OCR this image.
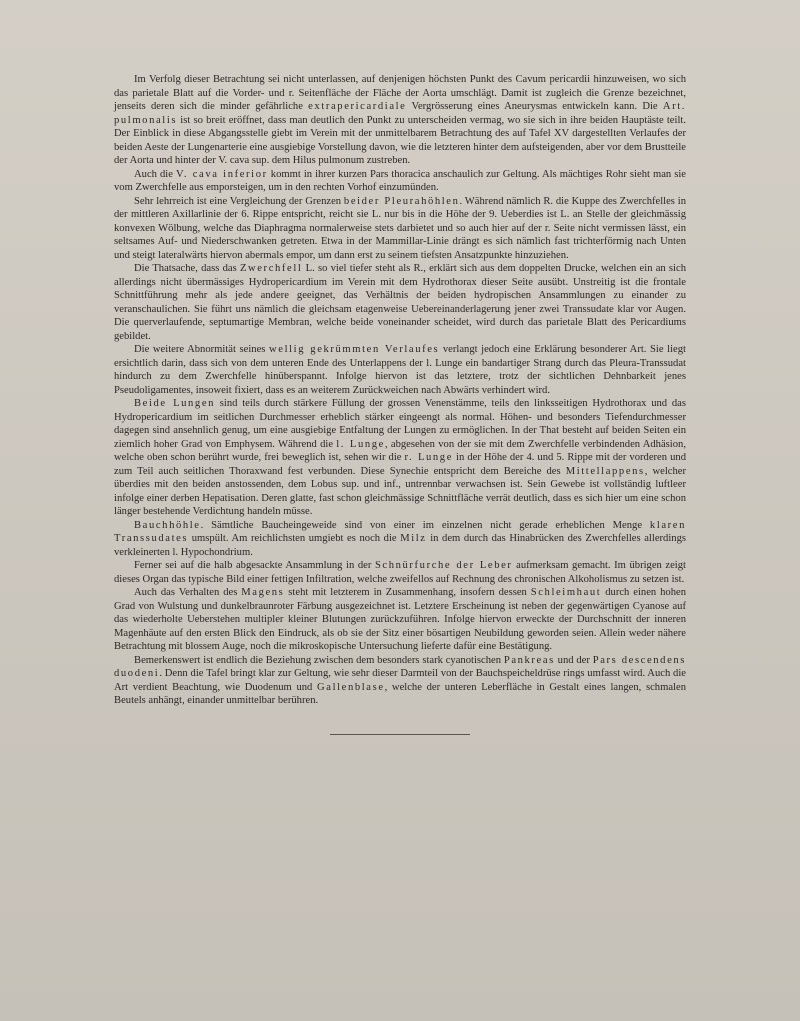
Im Verfolg dieser Betrachtung sei nicht unterlassen, auf denjenigen höchsten Punkt des Cavum pericardii hinzuweisen, wo sich das parietale Blatt auf die Vorder- und r. Seitenfläche der Fläche der Aorta umschlägt. Damit ist zugleich die Grenze bezeichnet, jenseits deren sich die minder gefährliche extrapericardiale Vergrösserung eines Aneurysmas entwickeln kann. Die Art. pulmonalis ist so breit eröffnet, dass man deutlich den Punkt zu unterscheiden vermag, wo sie sich in ihre beiden Hauptäste teilt. Der Einblick in diese Abgangsstelle giebt im Verein mit der unmittelbarem Betrachtung des auf Tafel XV dargestellten Verlaufes der beiden Aeste der Lungenarterie eine ausgiebige Vorstellung davon, wie die letzteren hinter dem aufsteigenden, aber vor dem Brustteile der Aorta und hinter der V. cava sup. dem Hilus pulmonum zustreben.

Auch die V. cava inferior kommt in ihrer kurzen Pars thoracica anschaulich zur Geltung. Als mächtiges Rohr sieht man sie vom Zwerchfelle aus emporsteigen, um in den rechten Vorhof einzumünden.

Sehr lehrreich ist eine Vergleichung der Grenzen beider Pleurahöhlen. Während nämlich R. die Kuppe des Zwerchfelles in der mittleren Axillarlinie der 6. Rippe entspricht, reicht sie L. nur bis in die Höhe der 9. Ueberdies ist L. an Stelle der gleichmässig konvexen Wölbung, welche das Diaphragma normalerweise stets darbietet und so auch hier auf der r. Seite nicht vermissen lässt, ein seltsames Auf- und Niederschwanken getreten. Etwa in der Mammillar-Linie drängt es sich nämlich fast trichterförmig nach Unten und steigt lateralwärts hiervon abermals empor, um dann erst zu seinem tiefsten Ansatzpunkte hinzuziehen.

Die Thatsache, dass das Zwerchfell L. so viel tiefer steht als R., erklärt sich aus dem doppelten Drucke, welchen ein an sich allerdings nicht übermässiges Hydropericardium im Verein mit dem Hydrothorax dieser Seite ausübt. Unstreitig ist die frontale Schnittführung mehr als jede andere geeignet, das Verhältnis der beiden hydropischen Ansammlungen zu einander zu veranschaulichen. Sie führt uns nämlich die gleichsam etagenweise Uebereinanderlagerung jener zwei Transsudate klar vor Augen. Die querverlaufende, septumartige Membran, welche beide voneinander scheidet, wird durch das parietale Blatt des Pericardiums gebildet.

Die weitere Abnormität seines wellig gekrümmten Verlaufes verlangt jedoch eine Erklärung besonderer Art. Sie liegt ersichtlich darin, dass sich von dem unteren Ende des Unterlappens der l. Lunge ein bandartiger Strang durch das Pleura-Transsudat hindurch zu dem Zwerchfelle hinüberspannt. Infolge hiervon ist das letztere, trotz der sichtlichen Dehnbarkeit jenes Pseudoligamentes, insoweit fixiert, dass es an weiterem Zurückweichen nach Abwärts verhindert wird.

Beide Lungen sind teils durch stärkere Füllung der grossen Venenstämme, teils den linksseitigen Hydrothorax und das Hydropericardium im seitlichen Durchmesser erheblich stärker eingeengt als normal. Höhen- und besonders Tiefendurchmesser dagegen sind ansehnlich genug, um eine ausgiebige Entfaltung der Lungen zu ermöglichen. In der That besteht auf beiden Seiten ein ziemlich hoher Grad von Emphysem. Während die l. Lunge, abgesehen von der sie mit dem Zwerchfelle verbindenden Adhäsion, welche oben schon berührt wurde, frei beweglich ist, sehen wir die r. Lunge in der Höhe der 4. und 5. Rippe mit der vorderen und zum Teil auch seitlichen Thoraxwand fest verbunden. Diese Synechie entspricht dem Bereiche des Mittellappens, welcher überdies mit den beiden anstossenden, dem Lobus sup. und inf., untrennbar verwachsen ist. Sein Gewebe ist vollständig luftleer infolge einer derben Hepatisation. Deren glatte, fast schon gleichmässige Schnittfläche verrät deutlich, dass es sich hier um eine schon länger bestehende Verdichtung handeln müsse.

Bauchhöhle. Sämtliche Baucheingeweide sind von einer im einzelnen nicht gerade erheblichen Menge klaren Transsudates umspült. Am reichlichsten umgiebt es noch die Milz in dem durch das Hinabrücken des Zwerchfelles allerdings verkleinerten l. Hypochondrium.

Ferner sei auf die halb abgesackte Ansammlung in der Schnürfurche der Leber aufmerksam gemacht. Im übrigen zeigt dieses Organ das typische Bild einer fettigen Infiltration, welche zweifellos auf Rechnung des chronischen Alkoholismus zu setzen ist.

Auch das Verhalten des Magens steht mit letzterem in Zusammenhang, insofern dessen Schleimhaut durch einen hohen Grad von Wulstung und dunkelbraunroter Färbung ausgezeichnet ist. Letztere Erscheinung ist neben der gegenwärtigen Cyanose auf das wiederholte Ueberstehen multipler kleiner Blutungen zurückzuführen. Infolge hiervon erweckte der Durchschnitt der inneren Magenhäute auf den ersten Blick den Eindruck, als ob sie der Sitz einer bösartigen Neubildung geworden seien. Allein weder nähere Betrachtung mit blossem Auge, noch die mikroskopische Untersuchung lieferte dafür eine Bestätigung.

Bemerkenswert ist endlich die Beziehung zwischen dem besonders stark cyanotischen Pankreas und der Pars descendens duodeni. Denn die Tafel bringt klar zur Geltung, wie sehr dieser Darmteil von der Bauchspeicheldrüse rings umfasst wird. Auch die Art verdient Beachtung, wie Duodenum und Gallenblase, welche der unteren Leberfläche in Gestalt eines langen, schmalen Beutels anhängt, einander unmittelbar berühren.
